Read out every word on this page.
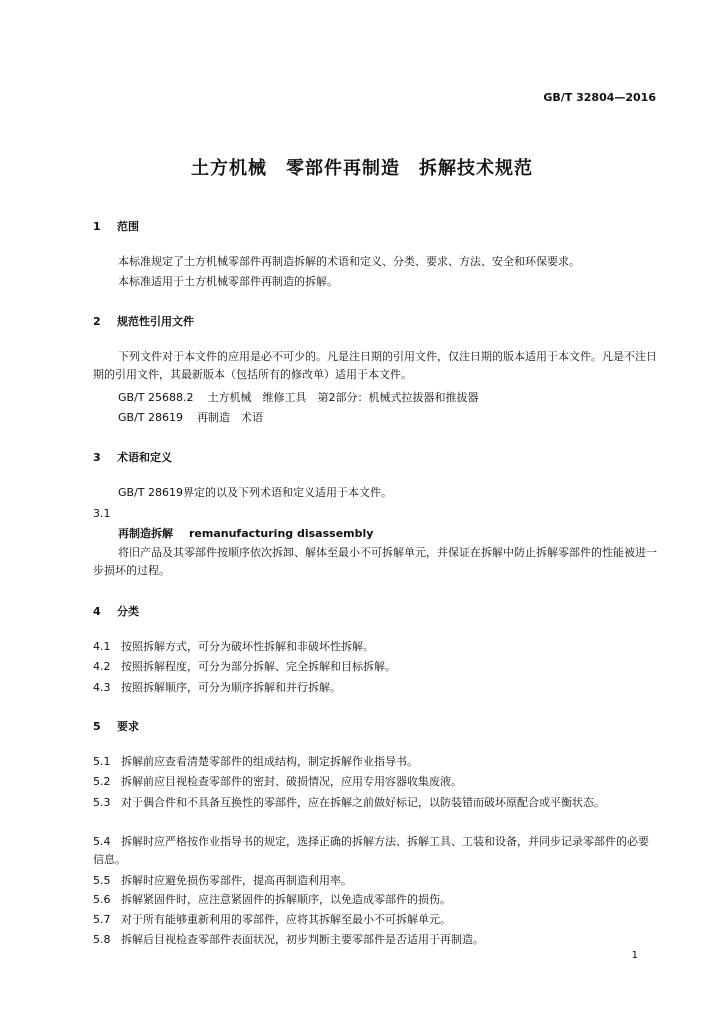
GB/T 32804—2016
土方机械　零部件再制造　拆解技术规范
1 范围
本标准规定了土方机械零部件再制造拆解的术语和定义、分类、要求、方法、安全和环保要求。
本标准适用于土方机械零部件再制造的拆解。
2 规范性引用文件
下列文件对于本文件的应用是必不可少的。凡是注日期的引用文件，仅注日期的版本适用于本文件。凡是不注日期的引用文件，其最新版本（包括所有的修改单）适用于本文件。
GB/T 25688.2 土方机械　维修工具　第2部分：机械式拉拔器和推拔器
GB/T 28619 再制造　术语
3 术语和定义
GB/T 28619界定的以及下列术语和定义适用于本文件。
3.1
再制造拆解 remanufacturing disassembly
将旧产品及其零部件按顺序依次拆卸、解体至最小不可拆解单元，并保证在拆解中防止拆解零部件的性能被进一步损坏的过程。
4 分类
4.1 按照拆解方式，可分为破坏性拆解和非破坏性拆解。
4.2 按照拆解程度，可分为部分拆解、完全拆解和目标拆解。
4.3 按照拆解顺序，可分为顺序拆解和并行拆解。
5 要求
5.1 拆解前应查看清楚零部件的组成结构，制定拆解作业指导书。
5.2 拆解前应目视检查零部件的密封、破损情况，应用专用容器收集废液。
5.3 对于偶合件和不具备互换性的零部件，应在拆解之前做好标记，以防装错而破坏原配合或平衡状态。
5.4 拆解时应严格按作业指导书的规定，选择正确的拆解方法、拆解工具、工装和设备，并同步记录零部件的必要信息。
5.5 拆解时应避免损伤零部件，提高再制造利用率。
5.6 拆解紧固件时，应注意紧固件的拆解顺序，以免造成零部件的损伤。
5.7 对于所有能够重新利用的零部件，应将其拆解至最小不可拆解单元。
5.8 拆解后目视检查零部件表面状况，初步判断主要零部件是否适用于再制造。
1
